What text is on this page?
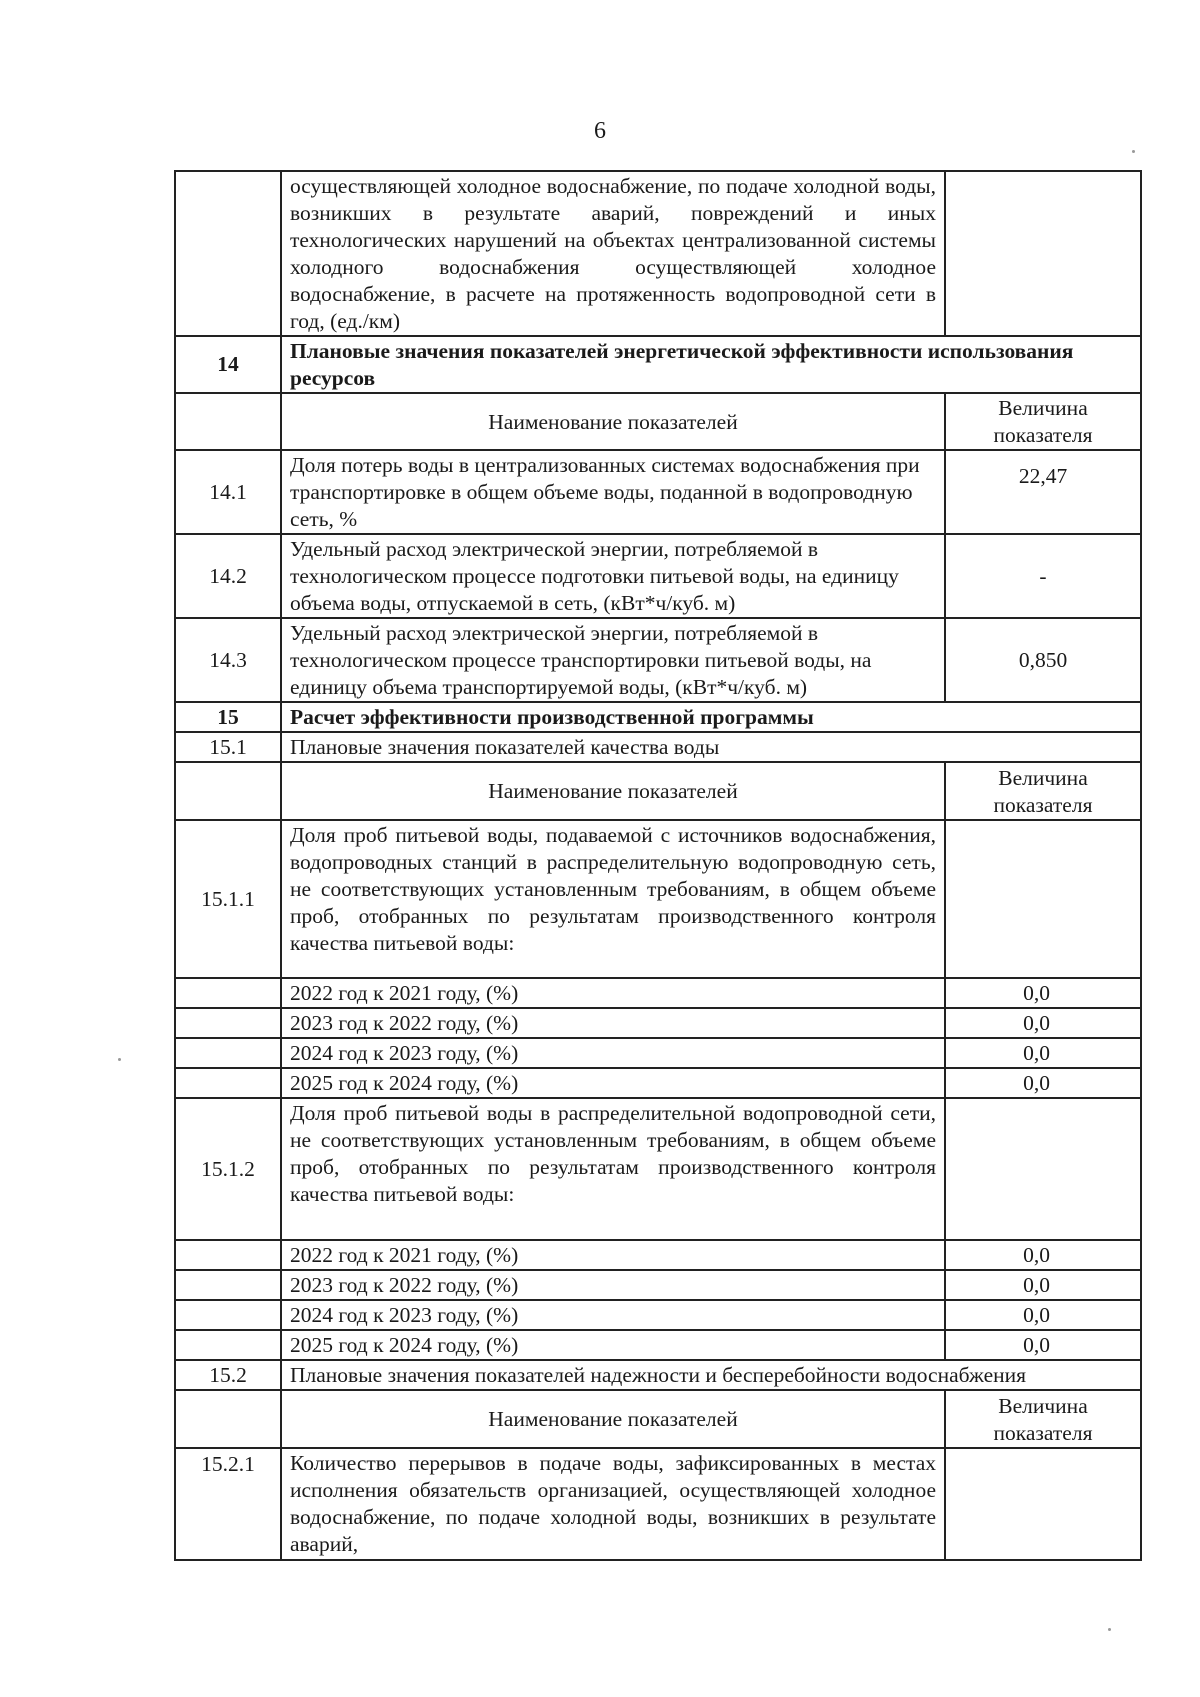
6
	осуществляющей холодное водоснабжение, по подаче холодной воды, возникших в результате аварий, повреждений и иных технологических нарушений на объектах централизованной системы холодного водоснабжения осуществляющей холодное водоснабжение, в расчете на протяженность водопроводной сети в год, (ед./км)	
14	Плановые значения показателей энергетической эффективности использования ресурсов	
	Наименование показателей	Величина показателя
14.1	Доля потерь воды в централизованных системах водоснабжения при транспортировке в общем объеме воды, поданной в водопроводную сеть, %	22,47
14.2	Удельный расход электрической энергии, потребляемой в технологическом процессе подготовки питьевой воды, на единицу объема воды, отпускаемой в сеть, (кВт*ч/куб. м)	-
14.3	Удельный расход электрической энергии, потребляемой в технологическом процессе транспортировки питьевой воды, на единицу объема транспортируемой воды, (кВт*ч/куб. м)	0,850
15	Расчет эффективности производственной программы	
15.1	Плановые значения показателей качества воды	
	Наименование показателей	Величина показателя
15.1.1	Доля проб питьевой воды, подаваемой с источников водоснабжения, водопроводных станций в распределительную водопроводную сеть, не соответствующих установленным требованиям, в общем объеме проб, отобранных по результатам производственного контроля качества питьевой воды:	
	2022 год к 2021 году, (%)	0,0
	2023 год к 2022 году, (%)	0,0
	2024 год к 2023 году, (%)	0,0
	2025 год к 2024 году, (%)	0,0
15.1.2	Доля проб питьевой воды в распределительной водопроводной сети, не соответствующих установленным требованиям, в общем объеме проб, отобранных по результатам производственного контроля качества питьевой воды:	
	2022 год к 2021 году, (%)	0,0
	2023 год к 2022 году, (%)	0,0
	2024 год к 2023 году, (%)	0,0
	2025 год к 2024 году, (%)	0,0
15.2	Плановые значения показателей надежности и бесперебойности водоснабжения	
	Наименование показателей	Величина показателя
15.2.1	Количество перерывов в подаче воды, зафиксированных в местах исполнения обязательств организацией, осуществляющей холодное водоснабжение, по подаче холодной воды, возникших в результате аварий,	
